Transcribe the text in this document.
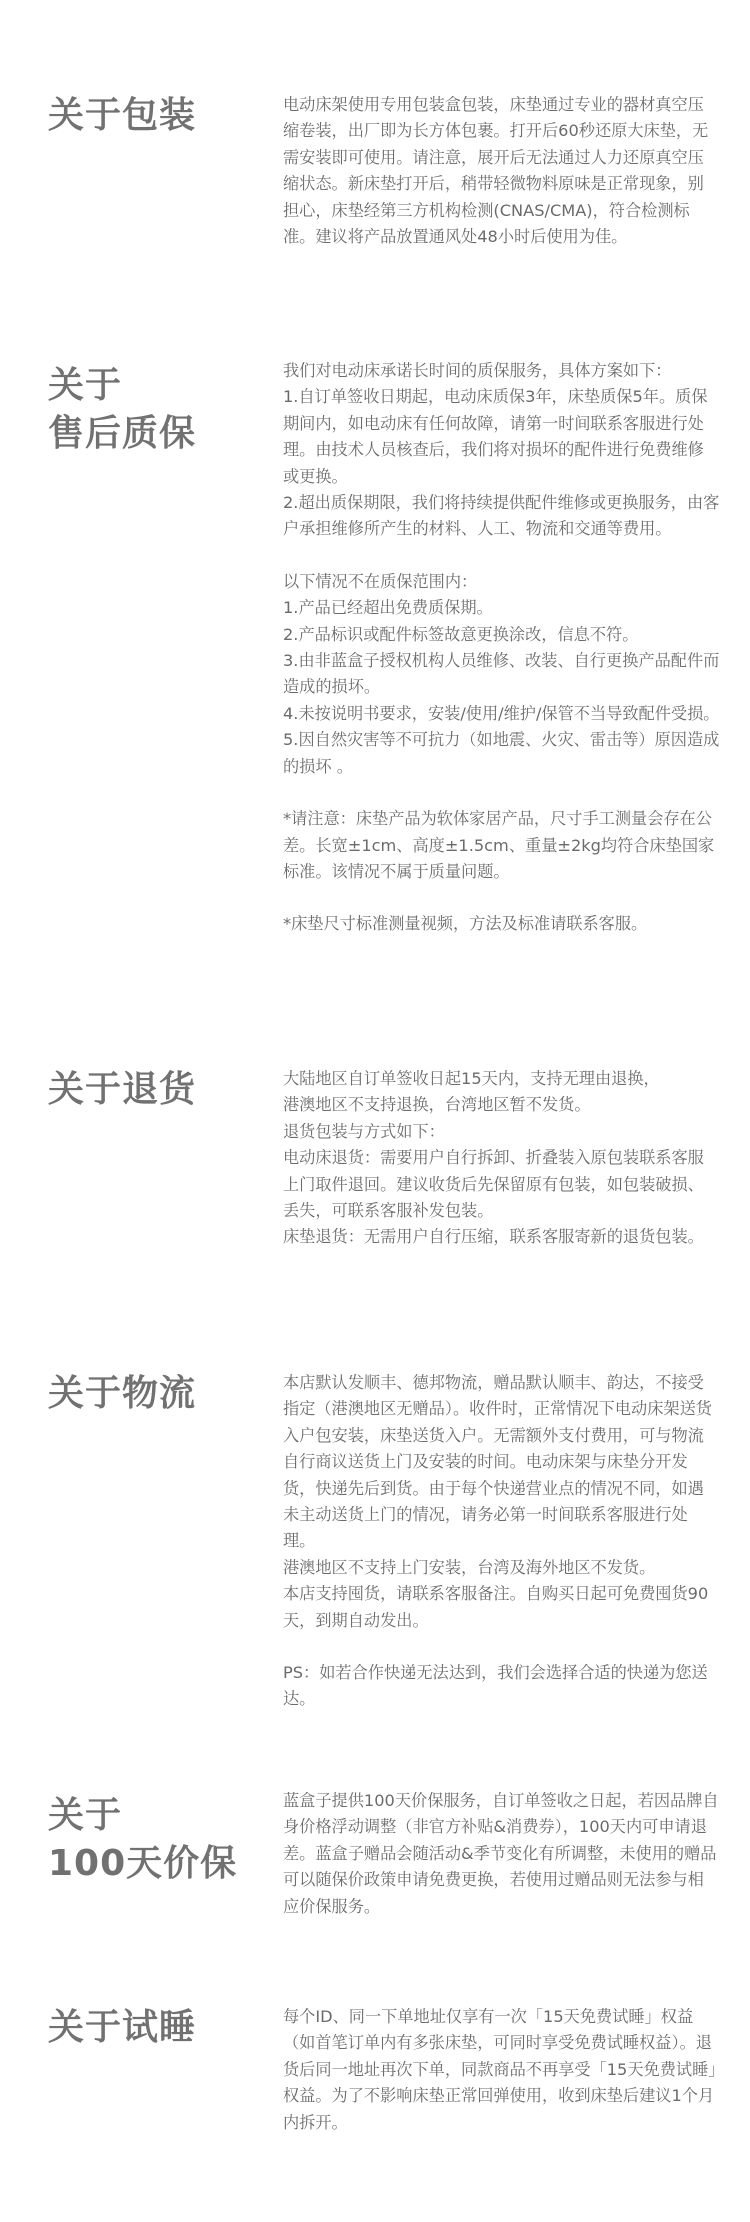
关于包装	电动床架使用专用包装盒包装，床垫通过专业的器材真空压缩卷装，出厂即为长方体包裹。打开后60秒还原大床垫，无需安装即可使用。请注意，展开后无法通过人力还原真空压缩状态。新床垫打开后，稍带轻微物料原味是正常现象，别担心，床垫经第三方机构检测(CNAS/CMA)，符合检测标准。建议将产品放置通风处48小时后使用为佳。

关于
售后质保

我们对电动床承诺长时间的质保服务，具体方案如下：

1.自订单签收日期起，电动床质保3年，床垫质保5年。质保期间内，如电动床有任何故障，请第一时间联系客服进行处理。由技术人员核查后，我们将对损坏的配件进行免费维修或更换。

2.超出质保期限，我们将持续提供配件维修或更换服务，由客户承担维修所产生的材料、人工、物流和交通等费用。

以下情况不在质保范围内：

1.产品已经超出免费质保期。

2.产品标识或配件标签故意更换涂改，信息不符。

3.由非蓝盒子授权机构人员维修、改装、自行更换产品配件而造成的损坏。

4.未按说明书要求，安装/使用/维护/保管不当导致配件受损。

5.因自然灾害等不可抗力（如地震、火灾、雷击等）原因造成的损坏 。

*请注意：床垫产品为软体家居产品，尺寸手工测量会存在公差。长宽±1cm、高度±1.5cm、重量±2kg均符合床垫国家标准。该情况不属于质量问题。

*床垫尺寸标准测量视频，方法及标准请联系客服。

关于退货	大陆地区自订单签收日起15天内，支持无理由退换，

港澳地区不支持退换，台湾地区暂不发货。

退货包装与方式如下：

电动床退货：需要用户自行拆卸、折叠装入原包装联系客服上门取件退回。建议收货后先保留原有包装，如包装破损、丢失，可联系客服补发包装。

床垫退货：无需用户自行压缩，联系客服寄新的退货包装。

关于物流	本店默认发顺丰、德邦物流，赠品默认顺丰、韵达，不接受指定（港澳地区无赠品）。收件时，正常情况下电动床架送货入户包安装，床垫送货入户。无需额外支付费用，可与物流自行商议送货上门及安装的时间。电动床架与床垫分开发货，快递先后到货。由于每个快递营业点的情况不同，如遇未主动送货上门的情况，请务必第一时间联系客服进行处理。

港澳地区不支持上门安装，台湾及海外地区不发货。

本店支持囤货，请联系客服备注。自购买日起可免费囤货90天，到期自动发出。

PS：如若合作快递无法达到，我们会选择合适的快递为您送达。

关于
100天价保

蓝盒子提供100天价保服务，自订单签收之日起，若因品牌自身价格浮动调整（非官方补贴&消费券），100天内可申请退差。蓝盒子赠品会随活动&季节变化有所调整，未使用的赠品可以随保价政策申请免费更换，若使用过赠品则无法参与相应价保服务。

关于试睡	每个ID、同一下单地址仅享有一次「15天免费试睡」权益（如首笔订单内有多张床垫，可同时享受免费试睡权益）。退货后同一地址再次下单，同款商品不再享受「15天免费试睡」权益。为了不影响床垫正常回弹使用，收到床垫后建议1个月内拆开。
